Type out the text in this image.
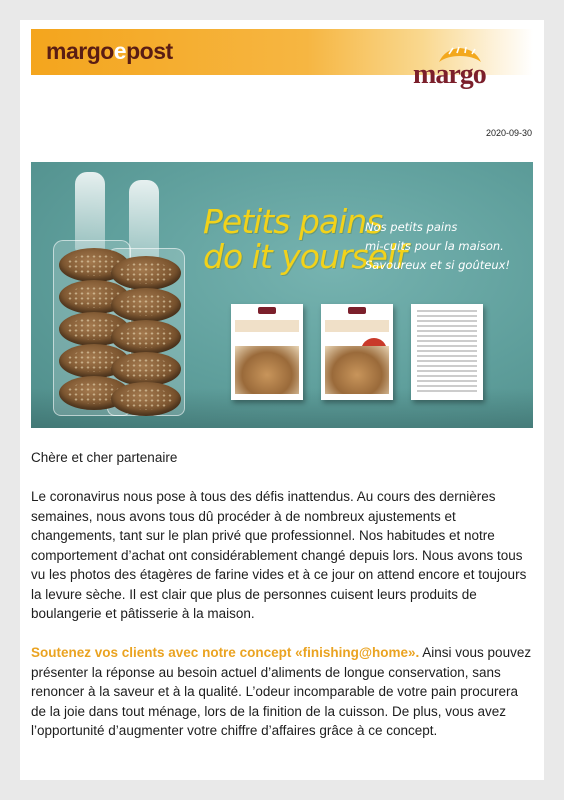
margoepost
margo
2020-09-30
Petits pains
do it yourself
Nos petits pains
mi-cuits pour la maison.
Savoureux et si goûteux!

Chère et cher partenaire

Le coronavirus nous pose à tous des défis inattendus. Au cours des dernières semaines, nous avons tous dû procéder à de nombreux ajustements et changements, tant sur le plan privé que professionnel. Nos habitudes et notre comportement d’achat ont considérablement changé depuis lors. Nous avons tous vu les photos des étagères de farine vides et à ce jour on attend encore et toujours la levure sèche. Il est clair que plus de personnes cuisent leurs produits de boulangerie et pâtisserie à la maison.

Soutenez vos clients avec notre concept «finishing@home». Ainsi vous pouvez présenter la réponse au besoin actuel d’aliments de longue conservation, sans renoncer à la saveur et à la qualité. L’odeur incomparable de votre pain procurera de la joie dans tout ménage, lors de la finition de la cuisson. De plus, vous avez l’opportunité d’augmenter votre chiffre d’affaires grâce à ce concept.
